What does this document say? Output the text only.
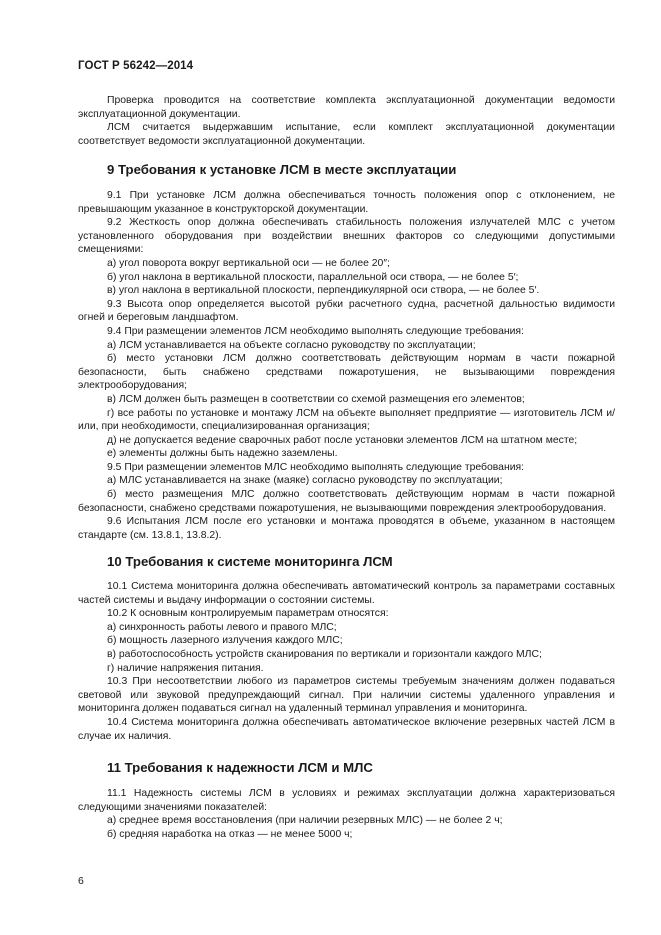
ГОСТ Р 56242—2014

Проверка проводится на соответствие комплекта эксплуатационной документации ведомости эксплуатационной документации.

ЛСМ считается выдержавшим испытание, если комплект эксплуатационной документации соответствует ведомости эксплуатационной документации.

9 Требования к установке ЛСМ в месте эксплуатации

9.1 При установке ЛСМ должна обеспечиваться точность положения опор с отклонением, не превышающим указанное в конструкторской документации.

9.2 Жесткость опор должна обеспечивать стабильность положения излучателей МЛС с учетом установленного оборудования при воздействии внешних факторов со следующими допустимыми смещениями:

а) угол поворота вокруг вертикальной оси — не более 20″;

б) угол наклона в вертикальной плоскости, параллельной оси створа, — не более 5′;

в) угол наклона в вертикальной плоскости, перпендикулярной оси створа, — не более 5′.

9.3 Высота опор определяется высотой рубки расчетного судна, расчетной дальностью видимости огней и береговым ландшафтом.

9.4 При размещении элементов ЛСМ необходимо выполнять следующие требования:

а) ЛСМ устанавливается на объекте согласно руководству по эксплуатации;

б) место установки ЛСМ должно соответствовать действующим нормам в части пожарной безопасности, быть снабжено средствами пожаротушения, не вызывающими повреждения электрооборудования;

в) ЛСМ должен быть размещен в соответствии со схемой размещения его элементов;

г) все работы по установке и монтажу ЛСМ на объекте выполняет предприятие — изготовитель ЛСМ и/или, при необходимости, специализированная организация;

д) не допускается ведение сварочных работ после установки элементов ЛСМ на штатном месте;

е) элементы должны быть надежно заземлены.

9.5 При размещении элементов МЛС необходимо выполнять следующие требования:

а) МЛС устанавливается на знаке (маяке) согласно руководству по эксплуатации;

б) место размещения МЛС должно соответствовать действующим нормам в части пожарной безопасности, снабжено средствами пожаротушения, не вызывающими повреждения электрооборудования.

9.6 Испытания ЛСМ после его установки и монтажа проводятся в объеме, указанном в настоящем стандарте (см. 13.8.1, 13.8.2).

10 Требования к системе мониторинга ЛСМ

10.1 Система мониторинга должна обеспечивать автоматический контроль за параметрами составных частей системы и выдачу информации о состоянии системы.

10.2 К основным контролируемым параметрам относятся:

а) синхронность работы левого и правого МЛС;

б) мощность лазерного излучения каждого МЛС;

в) работоспособность устройств сканирования по вертикали и горизонтали каждого МЛС;

г) наличие напряжения питания.

10.3 При несоответствии любого из параметров системы требуемым значениям должен подаваться световой или звуковой предупреждающий сигнал. При наличии системы удаленного управления и мониторинга должен подаваться сигнал на удаленный терминал управления и мониторинга.

10.4 Система мониторинга должна обеспечивать автоматическое включение резервных частей ЛСМ в случае их наличия.

11 Требования к надежности ЛСМ и МЛС

11.1 Надежность системы ЛСМ в условиях и режимах эксплуатации должна характеризоваться следующими значениями показателей:

а) среднее время восстановления (при наличии резервных МЛС) — не более 2 ч;

б) средняя наработка на отказ — не менее 5000 ч;

6
